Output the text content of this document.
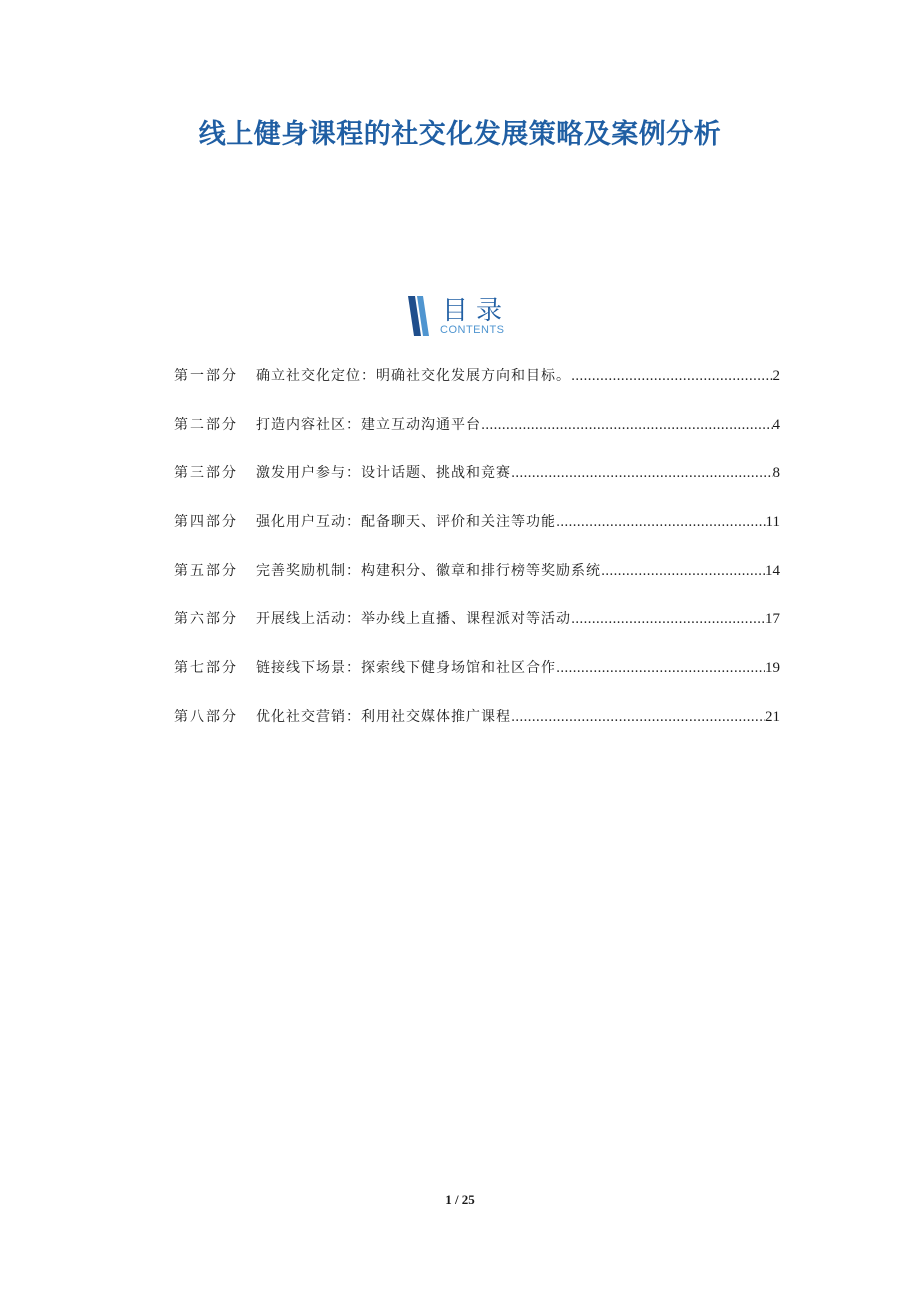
线上健身课程的社交化发展策略及案例分析
目录
CONTENTS
第一部分	确立社交化定位：明确社交化发展方向和目标。 .....	2
第二部分	打造内容社区：建立互动沟通平台 .....	4
第三部分	激发用户参与：设计话题、挑战和竞赛 .....	8
第四部分	强化用户互动：配备聊天、评价和关注等功能 .....	11
第五部分	完善奖励机制：构建积分、徽章和排行榜等奖励系统 .....	14
第六部分	开展线上活动：举办线上直播、课程派对等活动 .....	17
第七部分	链接线下场景：探索线下健身场馆和社区合作 .....	19
第八部分	优化社交营销：利用社交媒体推广课程 .....	21
1 / 25
